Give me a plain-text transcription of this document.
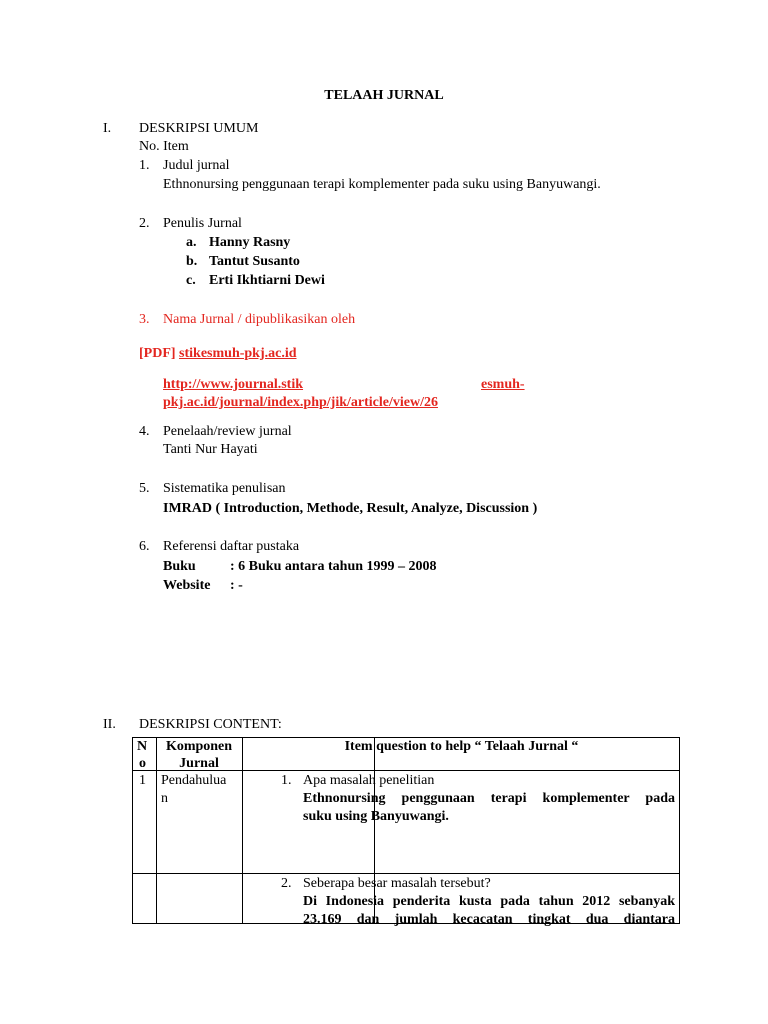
TELAAH JURNAL
I. DESKRIPSI UMUM
No. Item
1. Judul jurnal
Ethnonursing penggunaan terapi komplementer pada suku using Banyuwangi.
2. Penulis Jurnal
a. Hanny Rasny
b. Tantut Susanto
c. Erti Ikhtiarni Dewi
3. Nama Jurnal / dipublikasikan oleh
[PDF] stikesmuh-pkj.ac.id
http://www.journal.stik	esmuh-
pkj.ac.id/journal/index.php/jik/article/view/26
4. Penelaah/review jurnal
Tanti Nur Hayati
5. Sistematika penulisan
IMRAD ( Introduction, Methode, Result, Analyze, Discussion )
6. Referensi daftar pustaka
Buku : 6 Buku antara tahun 1999 – 2008
Website : -
II. DESKRIPSI CONTENT:
N
o
Komponen
Jurnal
Item question to help “ Telaah Jurnal “
1 Pendahulua
n
1. Apa masalah penelitian
Ethnonursing penggunaan terapi komplementer pada
suku using Banyuwangi.
2. Seberapa besar masalah tersebut?
Di Indonesia penderita kusta pada tahun 2012 sebanyak
23.169 dan jumlah kecacatan tingkat dua diantara
